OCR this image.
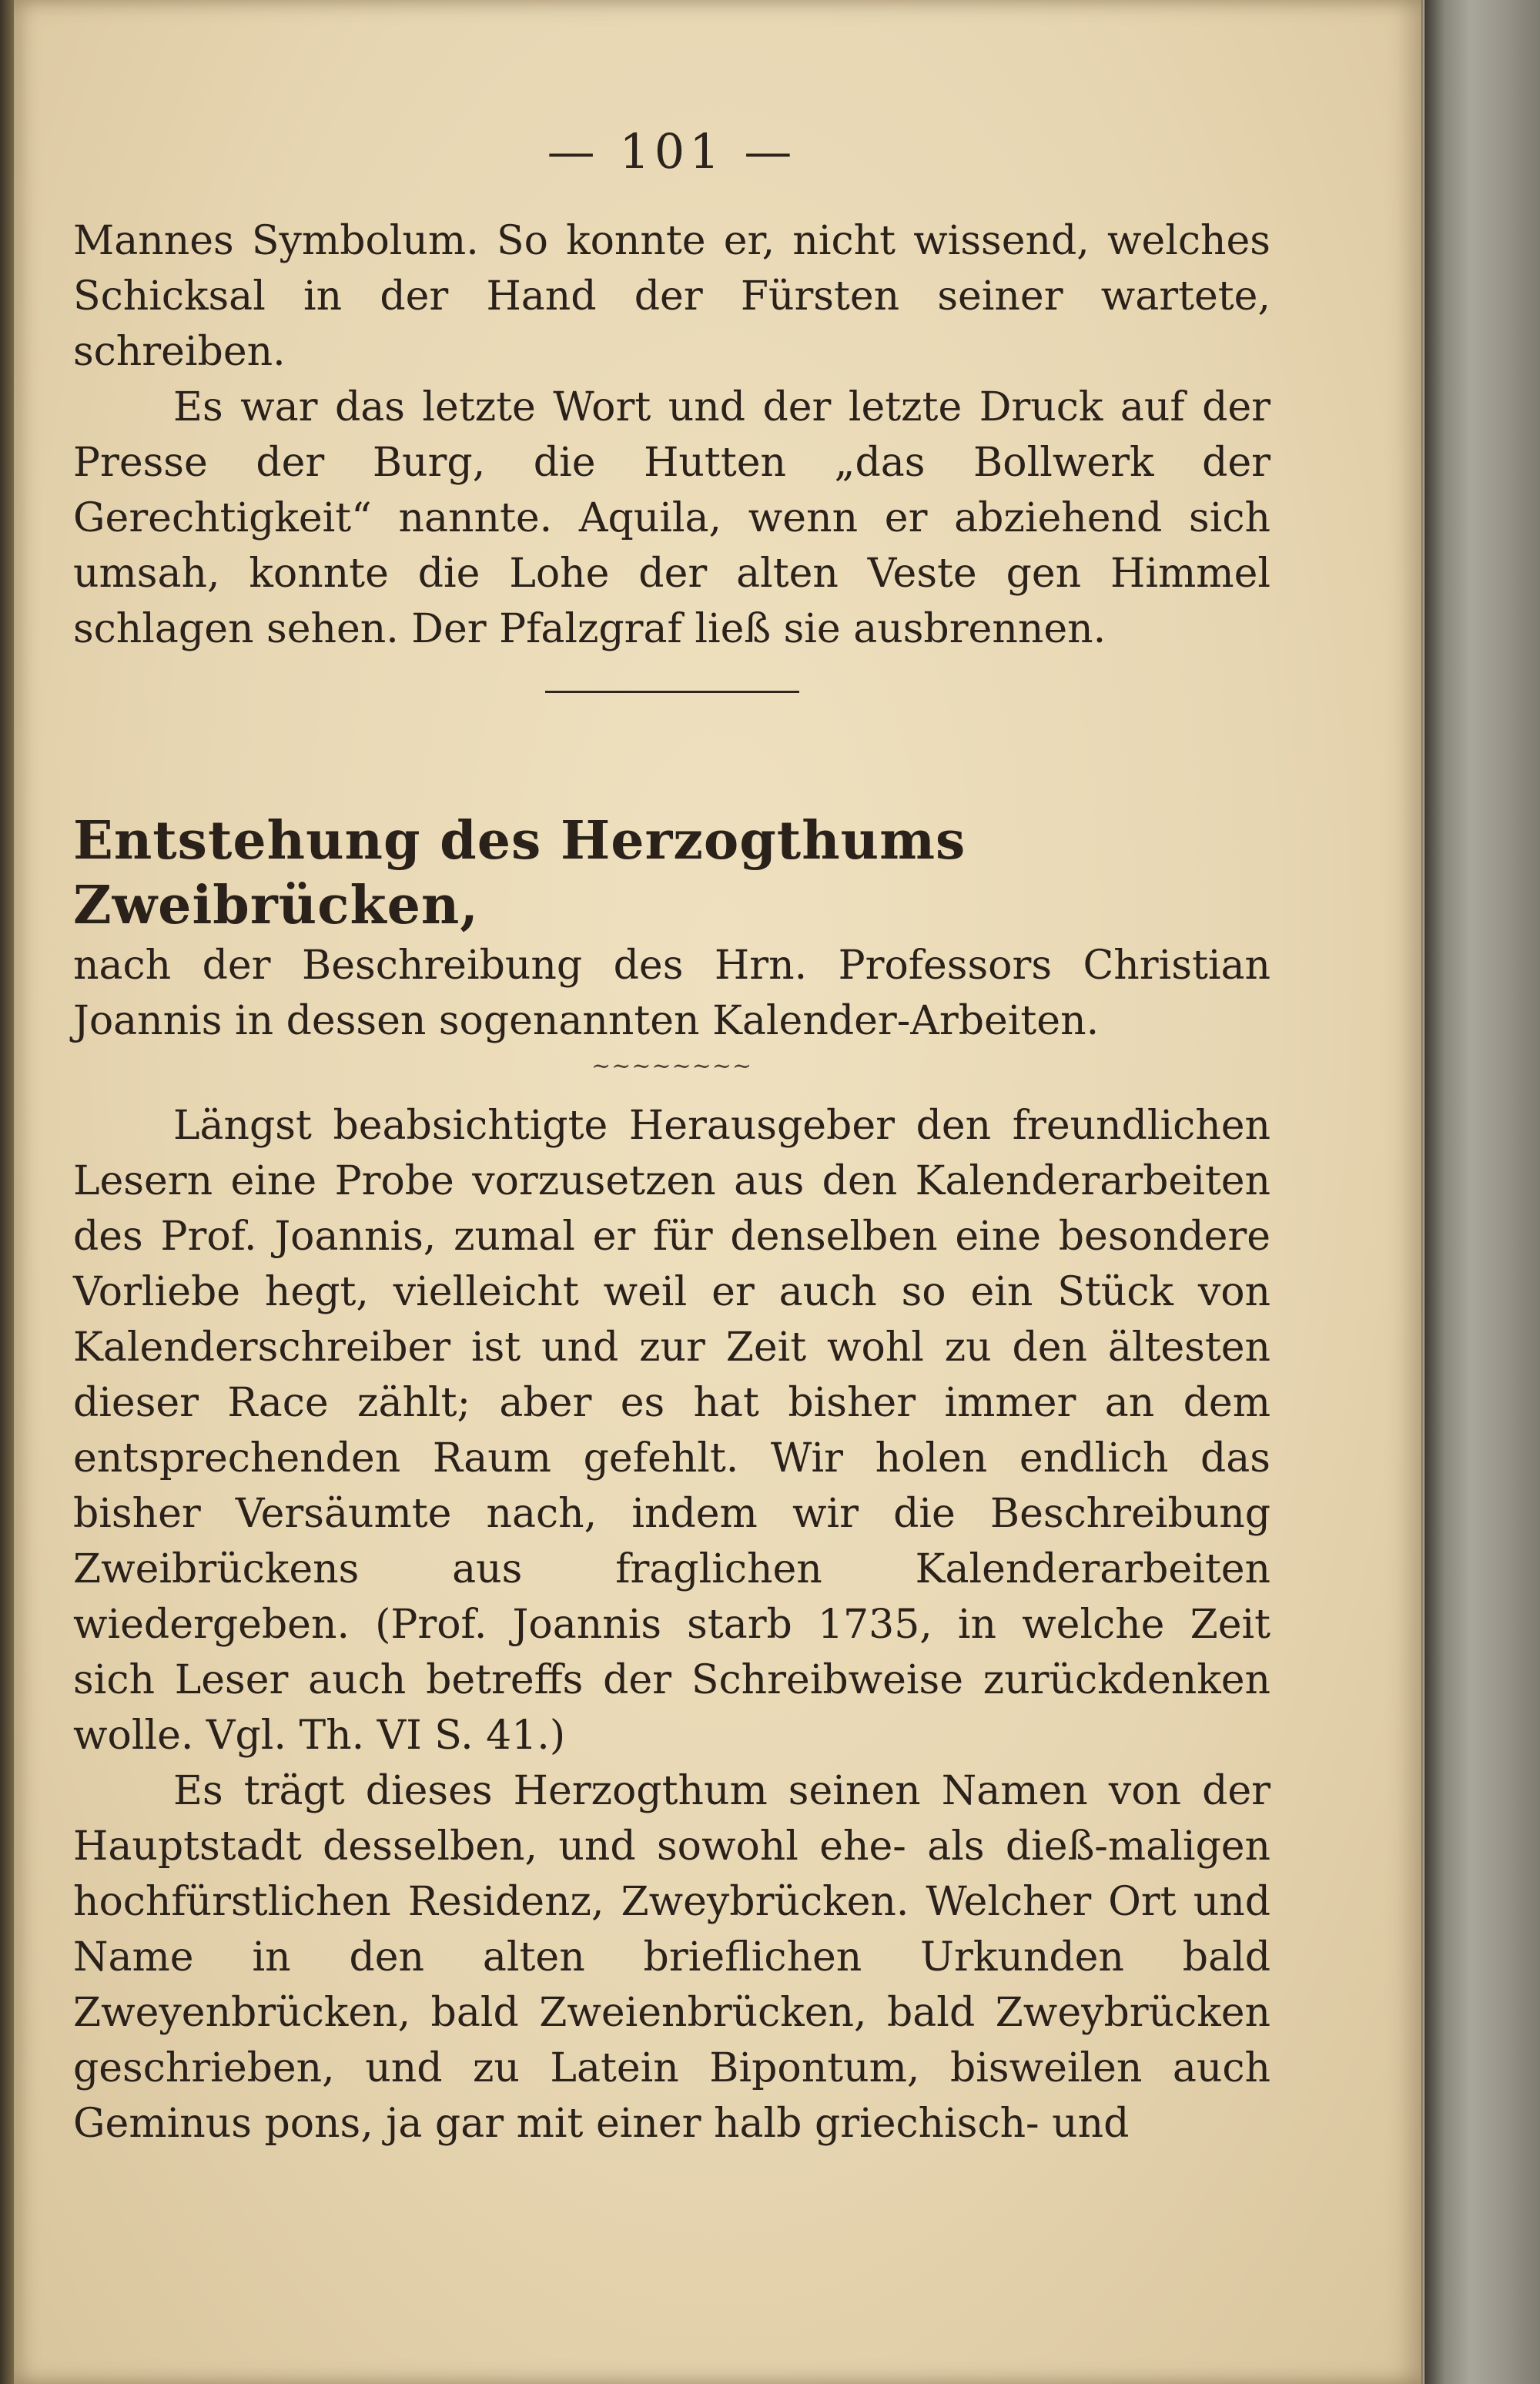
— 101 —

Mannes Symbolum. So konnte er, nicht wissend, welches Schicksal in der Hand der Fürsten seiner wartete, schreiben.

Es war das letzte Wort und der letzte Druck auf der Presse der Burg, die Hutten „das Bollwerk der Gerechtigkeit“ nannte. Aquila, wenn er abziehend sich umsah, konnte die Lohe der alten Veste gen Himmel schlagen sehen. Der Pfalzgraf ließ sie ausbrennen.

Entstehung des Herzogthums Zweibrücken,

nach der Beschreibung des Hrn. Professors Christian Joannis in dessen sogenannten Kalender-Arbeiten.

~~~~~~~~

Längst beabsichtigte Herausgeber den freundlichen Lesern eine Probe vorzusetzen aus den Kalenderarbeiten des Prof. Joannis, zumal er für denselben eine besondere Vorliebe hegt, vielleicht weil er auch so ein Stück von Kalenderschreiber ist und zur Zeit wohl zu den ältesten dieser Race zählt; aber es hat bisher immer an dem entsprechenden Raum gefehlt. Wir holen endlich das bisher Versäumte nach, indem wir die Beschreibung Zweibrückens aus fraglichen Kalenderarbeiten wiedergeben. (Prof. Joannis starb 1735, in welche Zeit sich Leser auch betreffs der Schreibweise zurückdenken wolle. Vgl. Th. VI S. 41.)

Es trägt dieses Herzogthum seinen Namen von der Hauptstadt desselben, und sowohl ehe- als dieß-maligen hochfürstlichen Residenz, Zweybrücken. Welcher Ort und Name in den alten brieflichen Urkunden bald Zweyenbrücken, bald Zweienbrücken, bald Zweybrücken geschrieben, und zu Latein Bipontum, bisweilen auch Geminus pons, ja gar mit einer halb griechisch- und
